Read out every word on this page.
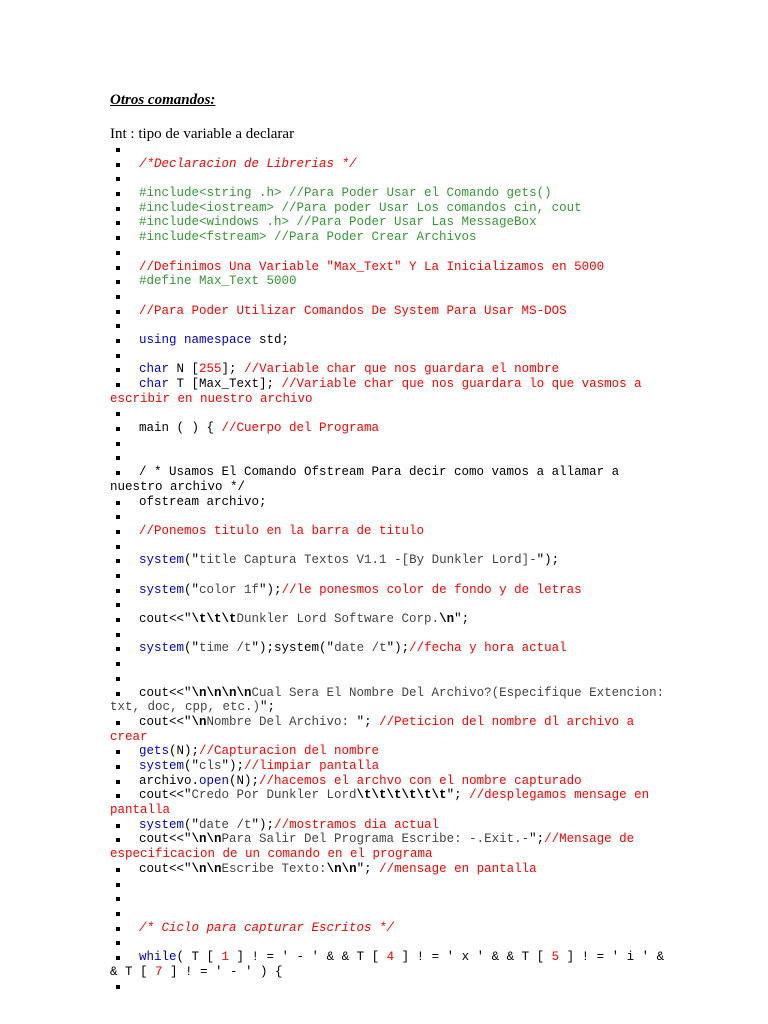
Otros comandos:
Int : tipo de variable a declarar
/*Declaracion de Librerias */
#include<string .h> //Para Poder Usar el Comando gets()
#include<iostream> //Para poder Usar Los comandos cin, cout
#include<windows .h> //Para Poder Usar Las MessageBox
#include<fstream> //Para Poder Crear Archivos
//Definimos Una Variable "Max_Text" Y La Inicializamos en 5000
#define Max_Text 5000
//Para Poder Utilizar Comandos De System Para Usar MS-DOS
using namespace std;
char N [255]; //Variable char que nos guardara el nombre
char T [Max_Text]; //Variable char que nos guardara lo que vasmos a escribir en nuestro archivo
main ( ) { //Cuerpo del Programa
/ * Usamos El Comando Ofstream Para decir como vamos a allamar a nuestro archivo */
ofstream archivo;
//Ponemos titulo en la barra de titulo
system("title Captura Textos V1.1 -[By Dunkler Lord]-");
system("color 1f");//le ponesmos color de fondo y de letras
cout<<"\t\t\tDunkler Lord Software Corp.\n";
system("time /t");system("date /t");//fecha y hora actual
cout<<"\n\n\n\nCual Sera El Nombre Del Archivo?(Especifique Extencion: txt, doc, cpp, etc.)";
cout<<"\nNombre Del Archivo: "; //Peticion del nombre dl archivo a crear
gets(N);//Capturacion del nombre
system("cls");//limpiar pantalla
archivo.open(N);//hacemos el archvo con el nombre capturado
cout<<"Credo Por Dunkler Lord\t\t\t\t\t\t"; //desplegamos mensage en pantalla
system("date /t");//mostramos dia actual
cout<<"\n\nPara Salir Del Programa Escribe: -.Exit.-";//Mensage de especificacion de un comando en el programa
cout<<"\n\nEscribe Texto:\n\n"; //mensage en pantalla
/* Ciclo para capturar Escritos */
while( T [ 1 ] ! = ' - ' & & T [ 4 ] ! = ' x ' & & T [ 5 ] ! = ' i ' & & T [ 7 ] ! = ' - ' ) {
